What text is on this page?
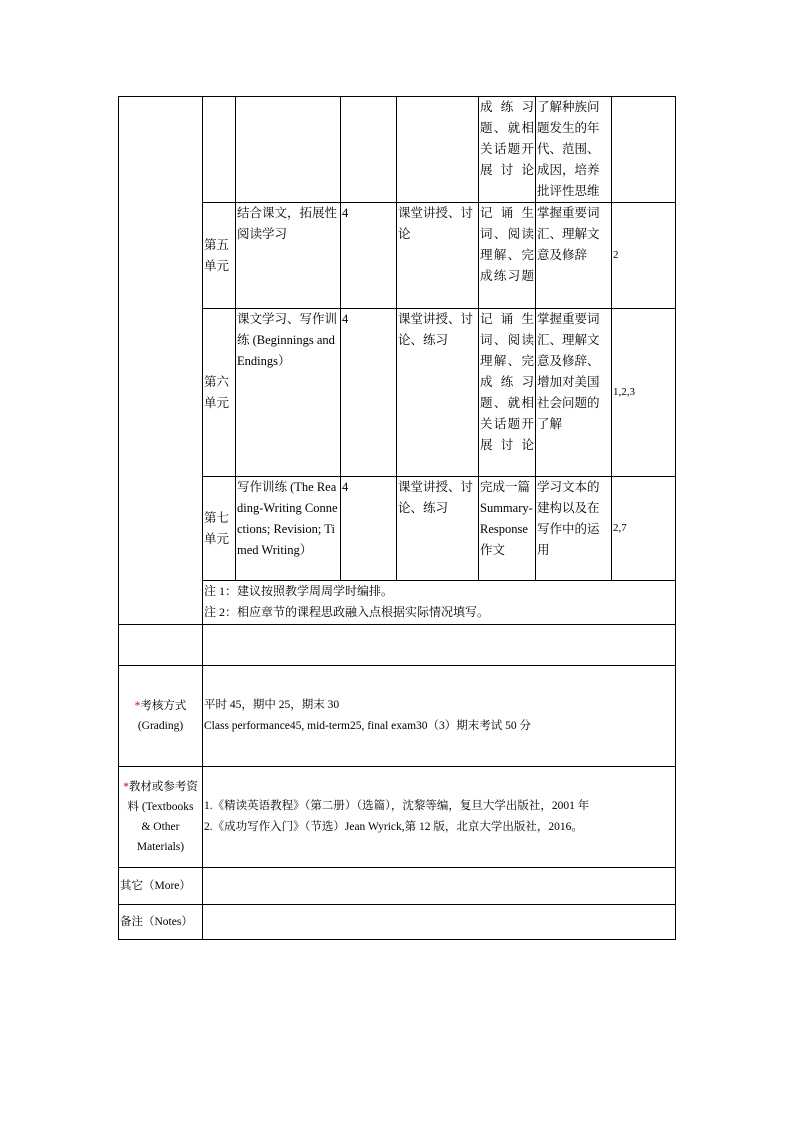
					成练习题、就相关话题开展讨论	了解种族问题发生的年代、范围、成因，培养批评性思维	
	第五单元	结合课文，拓展性阅读学习	4	课堂讲授、讨论	记诵生词、阅读理解、完成练习题	掌握重要词汇、理解文意及修辞	2
	第六单元	课文学习、写作训练 (Beginnings and Endings）	4	课堂讲授、讨论、练习	记诵生词、阅读理解、完成练习题、就相关话题开展讨论	掌握重要词汇、理解文意及修辞、增加对美国社会问题的了解	1,2,3
	第七单元	写作训练 (The Reading-Writing Connections; Revision; Timed Writing）	4	课堂讲授、讨论、练习	完成一篇 Summary-Response 作文	学习文本的建构以及在写作中的运用	2,7

	注 1：建议按照教学周周学时编排。
注 2：相应章节的课程思政融入点根据实际情况填写。						

*考核方式
(Grading)	平时 45，期中 25，期末 30
Class performance45, mid-term25, final exam30（3）期末考试 50 分						

*教材或参考资
料 (Textbooks
& Other
Materials)	1.《精读英语教程》（第二册）（选篇），沈黎等编，复旦大学出版社，2001 年
2.《成功写作入门》（节选）Jean Wyrick,第 12 版，北京大学出版社，2016。						

其它（More）							
备注（Notes）							
